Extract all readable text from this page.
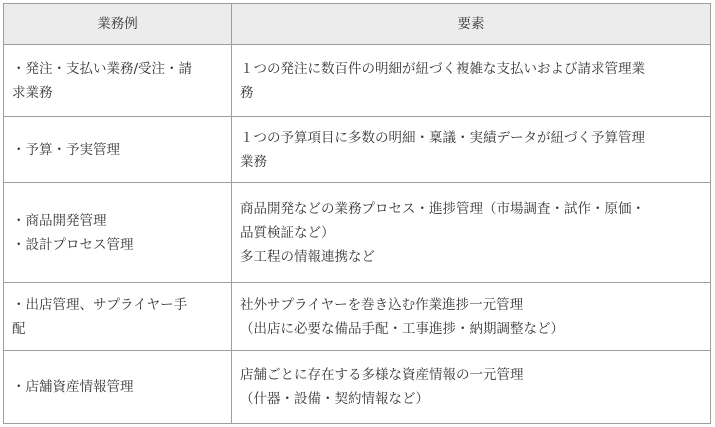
業務例	要素

・発注・支払い業務/受注・請
求業務	１つの発注に数百件の明細が紐づく複雑な支払いおよび請求管理業
務

・予算・予実管理	１つの予算項目に多数の明細・稟議・実績データが紐づく予算管理
業務

・商品開発管理
・設計プロセス管理	商品開発などの業務プロセス・進捗管理（市場調査・試作・原価・
品質検証など）
多工程の情報連携など

・出店管理、サプライヤー手
配	社外サプライヤーを巻き込む作業進捗一元管理
（出店に必要な備品手配・工事進捗・納期調整など）

・店舗資産情報管理	店舗ごとに存在する多様な資産情報の一元管理
（什器・設備・契約情報など）
